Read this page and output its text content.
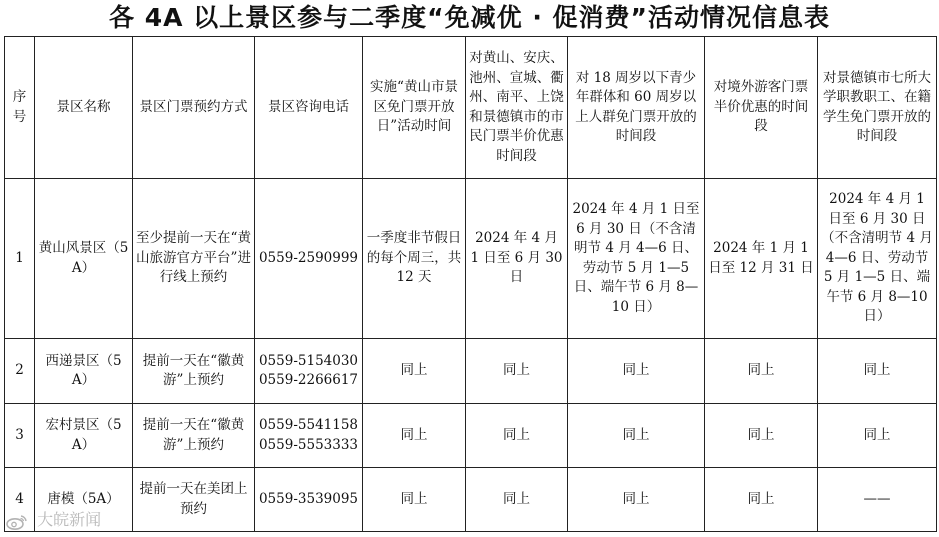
各 4A 以上景区参与二季度“免减优 · 促消费”活动情况信息表
序号	景区名称	景区门票预约方式	景区咨询电话	实施“黄山市景区免门票开放日”活动时间	对黄山、安庆、池州、宣城、衢州、南平、上饶和景德镇市的市民门票半价优惠时间段	对 18 周岁以下青少年群体和 60 周岁以上人群免门票开放的时间段	对境外游客门票半价优惠的时间段	对景德镇市七所大学职教职工、在籍学生免门票开放的时间段
1	黄山风景区（5A）	至少提前一天在“黄山旅游官方平台”进行线上预约	0559-2590999	一季度非节假日的每个周三，共 12 天	2024 年 4 月 1 日至 6 月 30 日	2024 年 4 月 1 日至 6 月 30 日（不含清明节 4 月 4—6 日、劳动节 5 月 1—5 日、端午节 6 月 8—10 日）	2024 年 1 月 1 日至 12 月 31 日	2024 年 4 月 1 日至 6 月 30 日（不含清明节 4 月 4—6 日、劳动节 5 月 1—5 日、端午节 6 月 8—10 日）
2	西递景区（5A）	提前一天在“徽黄游”上预约	0559-5154030
0559-2266617	同上	同上	同上	同上	同上
3	宏村景区（5A）	提前一天在“徽黄游”上预约	0559-5541158
0559-5553333	同上	同上	同上	同上	同上
4	唐模（5A）	提前一天在美团上预约	0559-3539095	同上	同上	同上	同上	——
大皖新闻
